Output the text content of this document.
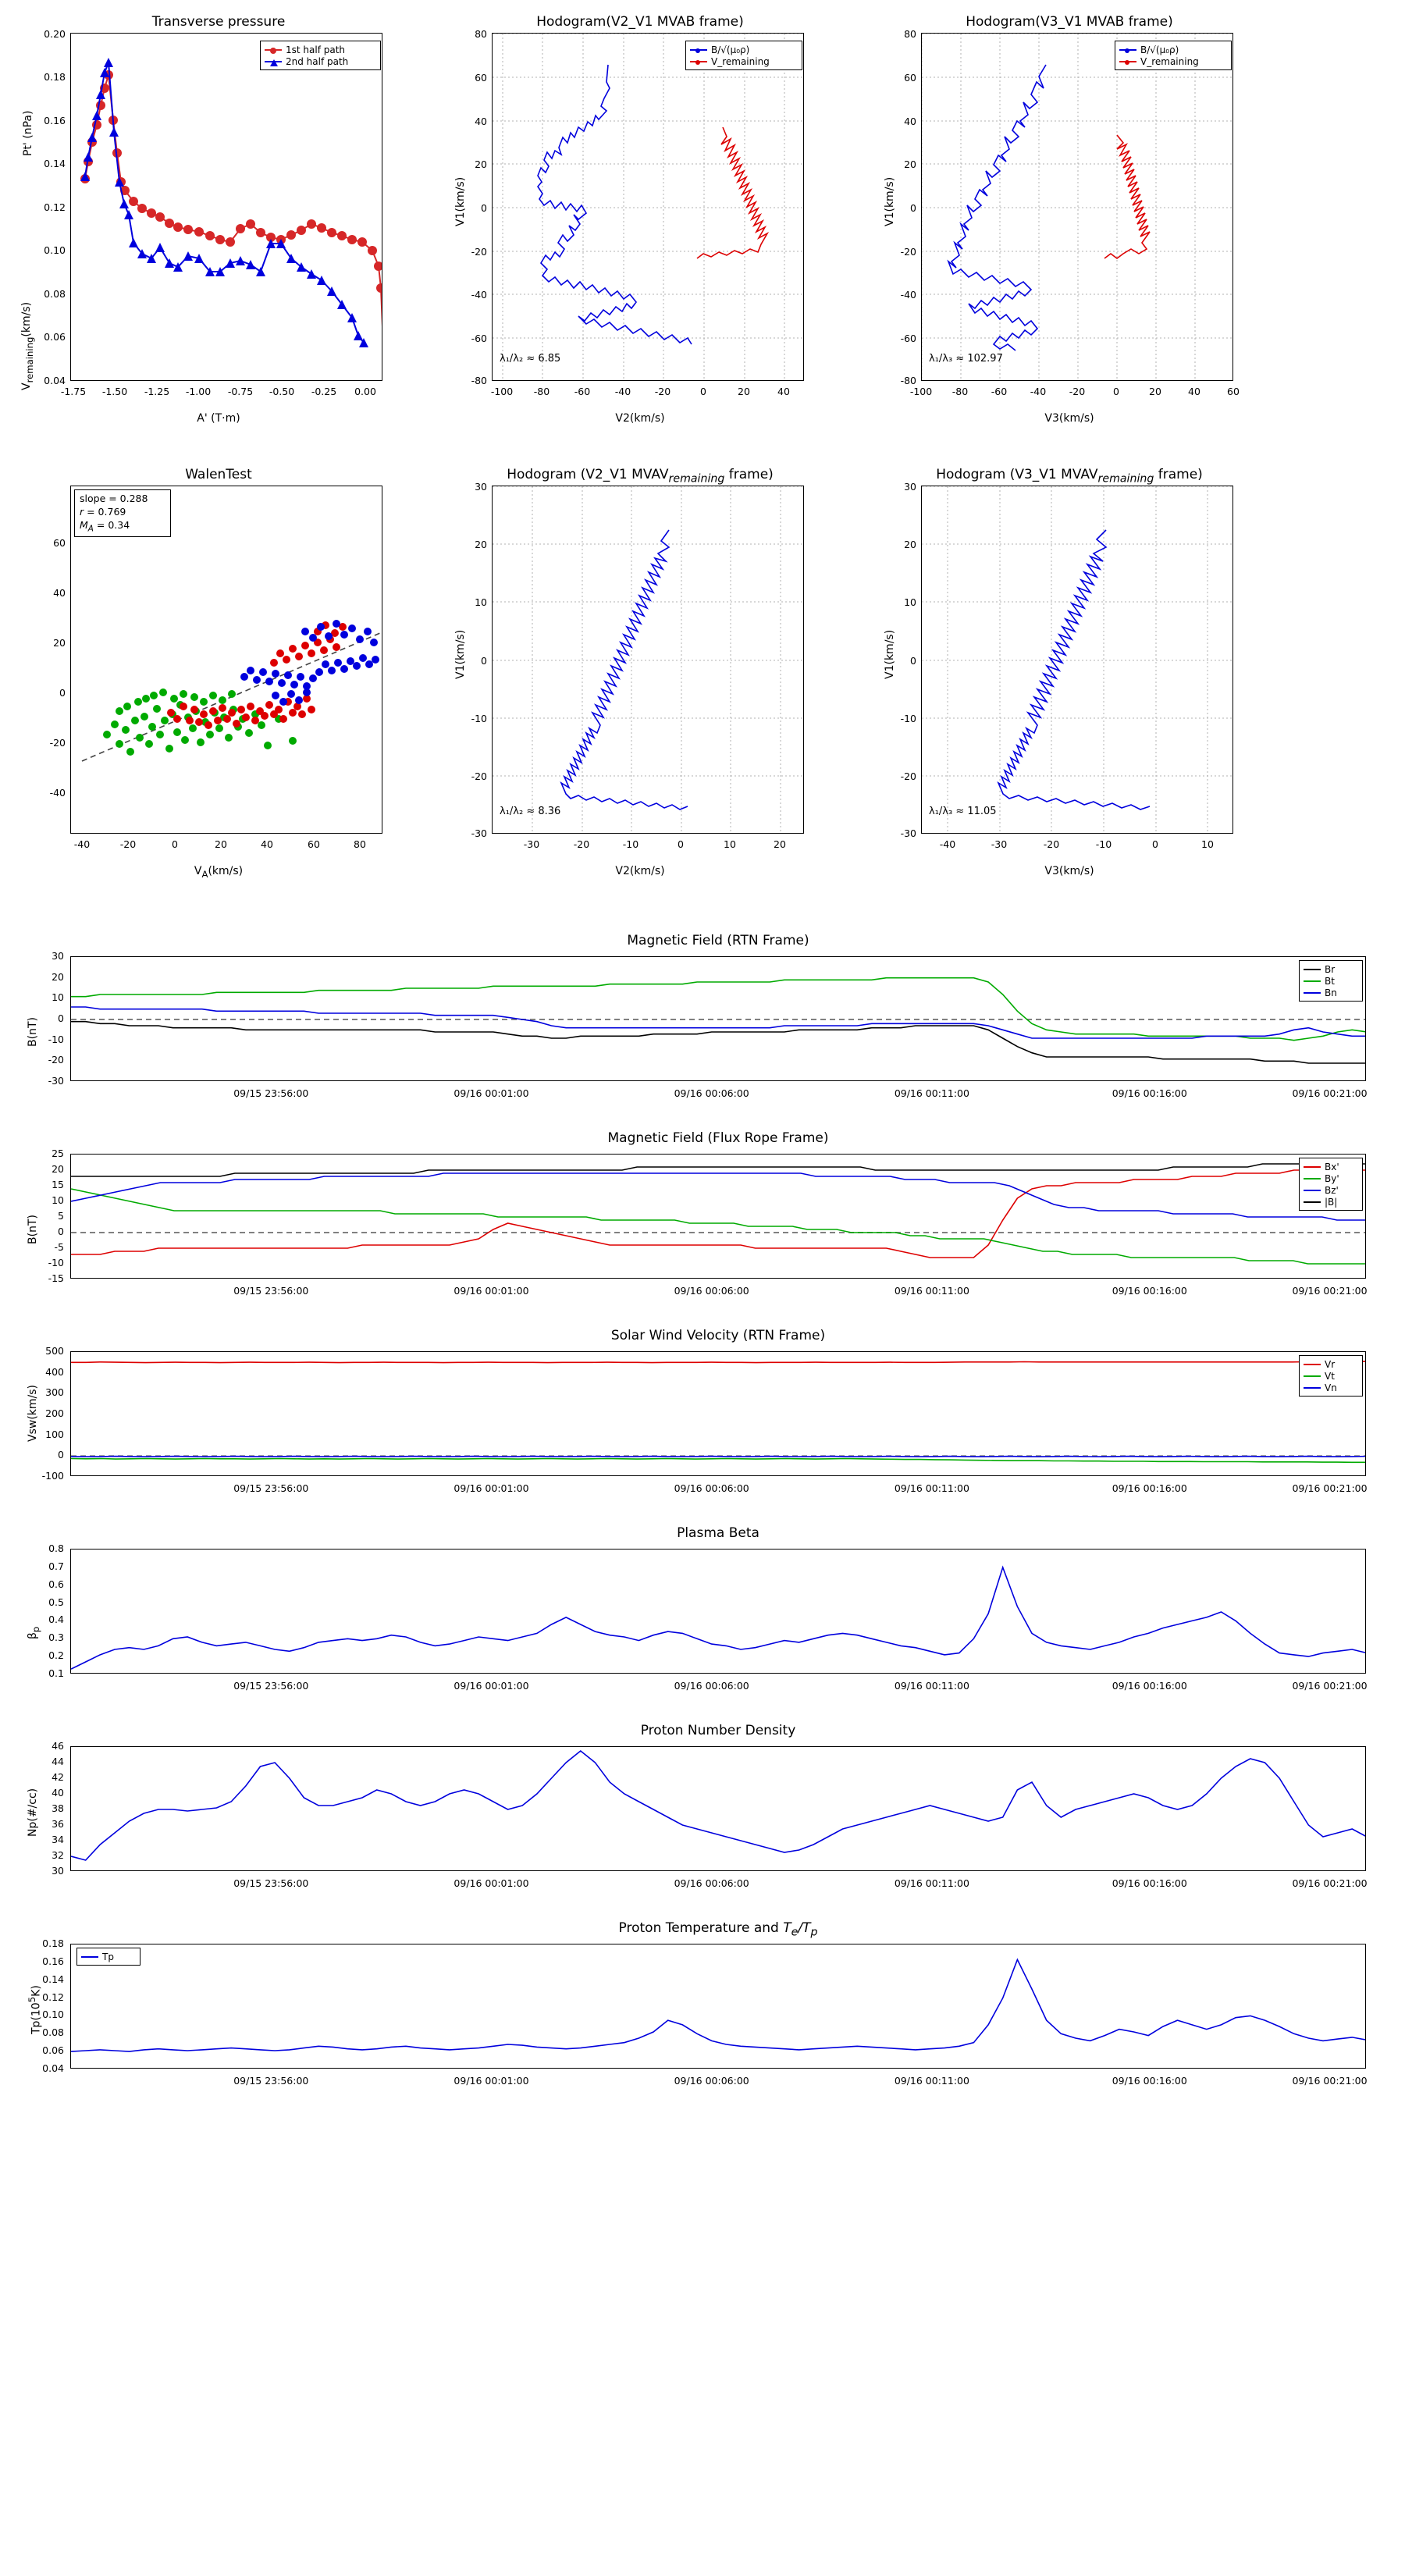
Transverse pressure
Pt' (nPa)
A' (T·m)
1st half path
2nd half path
0.20
0.18
0.16
0.14
0.12
0.10
0.08
0.06
0.04
-1.75	-1.50	-1.25	-1.00	-0.75	-0.50	-0.25	0.00
Hodogram(V2_V1 MVAB frame)
V1(km/s)
V2(km/s)
B/√(μ₀ρ)
V_remaining
λ₁/λ₂ ≈ 6.85
80
60
40
20
0
-20
-40
-60
-80
-100	-80	-60	-40	-20	0	20	40
Hodogram(V3_V1 MVAB frame)
V1(km/s)
V3(km/s)
B/√(μ₀ρ)
V_remaining
λ₁/λ₃ ≈ 102.97
80
60
40
20
0
-20
-40
-60
-80
-100	-80	-60	-40	-20	0	20	40	60
WalenTest
$V_{remaining}(km/s)$
$V_A(km/s)$
slope = 0.288
r = 0.769
$M_A = 0.34$
60
40
20
0
-20
-40
-40	-20	0	20	40	60	80
Hodogram (V2_V1 $MVAV_{remaining}$ frame)
V1(km/s)
V2(km/s)
λ₁/λ₂ ≈ 8.36
30
20
10
0
-10
-20
-30
-30	-20	-10	0	10	20
Hodogram (V3_V1 $MVAV_{remaining}$ frame)
V1(km/s)
V3(km/s)
λ₁/λ₃ ≈ 11.05
30
20
10
0
-10
-20
-30
-40	-30	-20	-10	0	10
Magnetic Field (RTN Frame)
B(nT)
-30
-20
-10
0
10
20
30
09/15 23:56:00	09/16 00:01:00	09/16 00:06:00	09/16 00:11:00	09/16 00:16:00	09/16 00:21:00
Br
Bt
Bn
Magnetic Field (Flux Rope Frame)
B(nT)
-15
-10
-5
0
5
10
15
20
25
09/15 23:56:00	09/16 00:01:00	09/16 00:06:00	09/16 00:11:00	09/16 00:16:00	09/16 00:21:00
Bx'
By'
Bz'
|B|
Solar Wind Velocity (RTN Frame)
Vsw(km/s)
-100
0
100
200
300
400
500
09/15 23:56:00	09/16 00:01:00	09/16 00:06:00	09/16 00:11:00	09/16 00:16:00	09/16 00:21:00
Vr
Vt
Vn
Plasma Beta
$\beta_p$
0.1
0.2
0.3
0.4
0.5
0.6
0.7
0.8
09/15 23:56:00	09/16 00:01:00	09/16 00:06:00	09/16 00:11:00	09/16 00:16:00	09/16 00:21:00
Proton Number Density
Np(#/cc)
30
32
34
36
38
40
42
44
46
09/15 23:56:00	09/16 00:01:00	09/16 00:06:00	09/16 00:11:00	09/16 00:16:00	09/16 00:21:00
Proton Temperature and $T_e/T_p$
$Tp(10^5K)$
0.04
0.06
0.08
0.10
0.12
0.14
0.16
0.18
09/15 23:56:00	09/16 00:01:00	09/16 00:06:00	09/16 00:11:00	09/16 00:16:00	09/16 00:21:00
Tp
